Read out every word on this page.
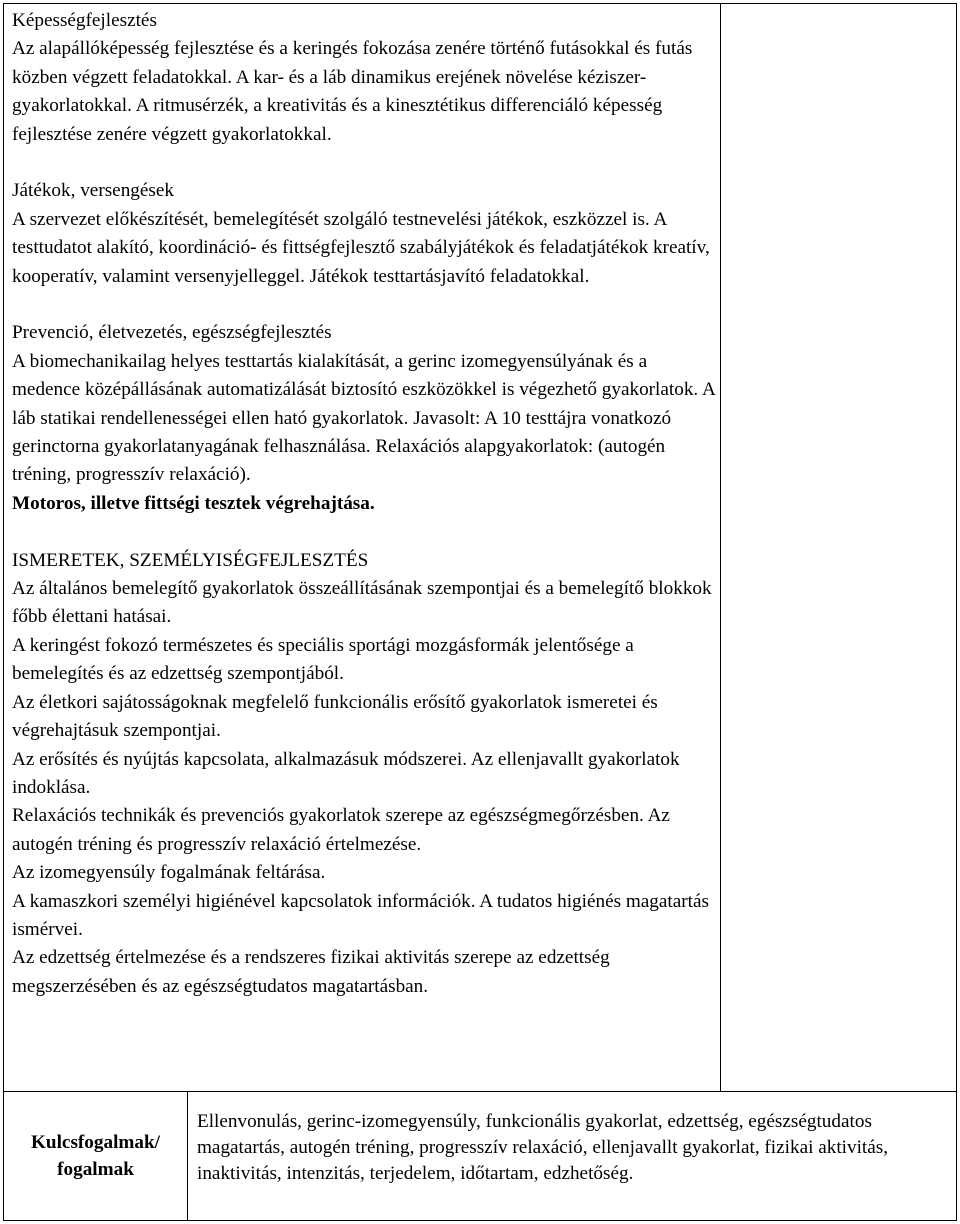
Képességfejlesztés

Az alapállóképesség fejlesztése és a keringés fokozása zenére történő futásokkal és futás közben végzett feladatokkal. A kar- és a láb dinamikus erejének növelése kéziszer-gyakorlatokkal. A ritmusérzék, a kreativitás és a kinesztétikus differenciáló képesség fejlesztése zenére végzett gyakorlatokkal.

Játékok, versengések

A szervezet előkészítését, bemelegítését szolgáló testnevelési játékok, eszközzel is. A testtudatot alakító, koordináció- és fittségfejlesztő szabályjátékok és feladatjátékok kreatív, kooperatív, valamint versenyjelleggel. Játékok testtartásjavító feladatokkal.

Prevenció, életvezetés, egészségfejlesztés

A biomechanikailag helyes testtartás kialakítását, a gerinc izomegyensúlyának és a medence középállásának automatizálását biztosító eszközökkel is végezhető gyakorlatok. A láb statikai rendellenességei ellen ható gyakorlatok. Javasolt: A 10 testtájra vonatkozó gerinctorna gyakorlatanyagának felhasználása. Relaxációs alapgyakorlatok: (autogén tréning, progresszív relaxáció).

Motoros, illetve fittségi tesztek végrehajtása.

ISMERETEK, SZEMÉLYISÉGFEJLESZTÉS

Az általános bemelegítő gyakorlatok összeállításának szempontjai és a bemelegítő blokkok főbb élettani hatásai.

A keringést fokozó természetes és speciális sportági mozgásformák jelentősége a bemelegítés és az edzettség szempontjából.

Az életkori sajátosságoknak megfelelő funkcionális erősítő gyakorlatok ismeretei és végrehajtásuk szempontjai.

Az erősítés és nyújtás kapcsolata, alkalmazásuk módszerei. Az ellenjavallt gyakorlatok indoklása.

Relaxációs technikák és prevenciós gyakorlatok szerepe az egészségmegőrzésben. Az autogén tréning és progresszív relaxáció értelmezése.

Az izomegyensúly fogalmának feltárása.

A kamaszkori személyi higiénével kapcsolatok információk. A tudatos higiénés magatartás ismérvei.

Az edzettség értelmezése és a rendszeres fizikai aktivitás szerepe az edzettség megszerzésében és az egészségtudatos magatartásban.

Kulcsfogalmak/
fogalmak
Ellenvonulás, gerinc-izomegyensúly, funkcionális gyakorlat, edzettség, egészségtudatos magatartás, autogén tréning, progresszív relaxáció, ellenjavallt gyakorlat, fizikai aktivitás, inaktivitás, intenzitás, terjedelem, időtartam, edzhetőség.
